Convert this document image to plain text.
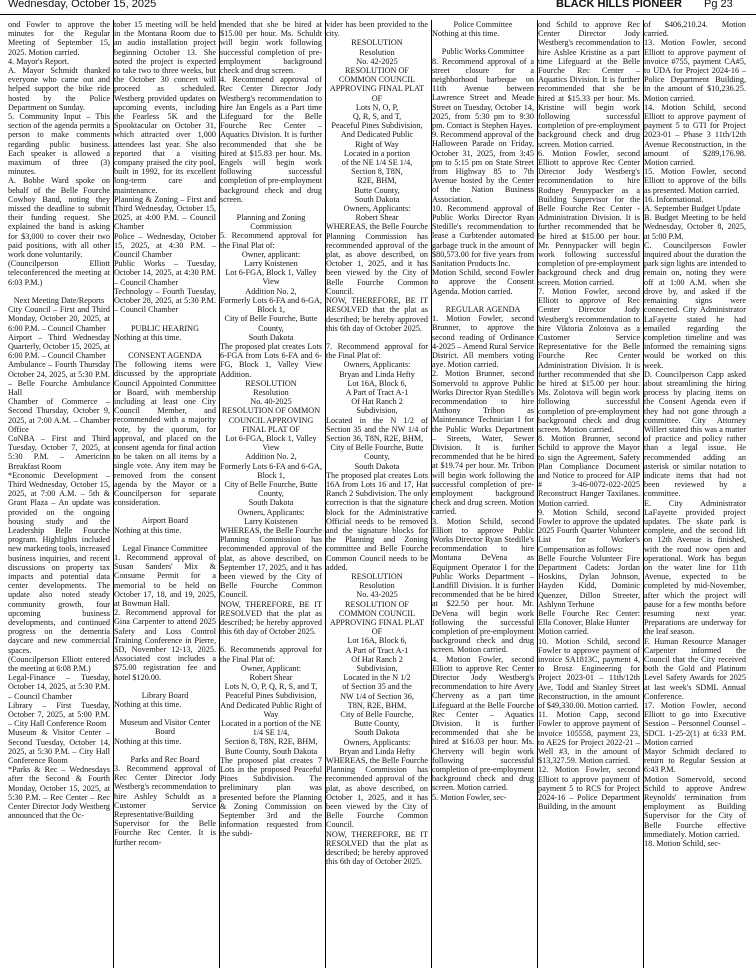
Wednesday, October 15, 2025	BLACK HILLS PIONEER Pg 23

ond Fowler to approve the minutes for the Regular Meeting of September 15, 2025. Motion carried.

4. Mayor's Report.

A. Mayor Schmidt thanked everyone who came out and helped support the bike ride hosted by the Police Department on Sunday.

5. Community Input – This section of the agenda permits a person to make comments regarding public business. Each speaker is allowed a maximum of three (3) minutes.

A. Bobbe Ward spoke on behalf of the Belle Fourche Cowboy Band, noting they missed the deadline to submit their funding request. She explained the band is asking for $3,000 to cover their two paid positions, with all other work done voluntarily.

(Councilperson Elliott teleconferenced the meeting at 6:03 P.M.)

Next Meeting Date/Reports

City Council – First and Third Monday, October 20, 2025, at 6:00 P.M. – Council Chamber

Airport – Third Wednesday Quarterly, October 15, 2025, at 6:00 P.M. – Council Chamber

Ambulance – Fourth Thursday October 24, 2025, at 5:30 P.M. – Belle Fourche Ambulance Hall

Chamber of Commerce – Second Thursday, October 9, 2025, at 7:00 A.M. – Chamber Office

CoNBA – First and Third Tuesday, October 7, 2025, at 5:30 P.M. – Americinn Breakfast Room

*Economic Development – Third Wednesday, October 15, 2025, at 7:00 A.M. – 5th & Grant Plaza – An update was provided on the ongoing housing study and the Leadership Belle Fourche program. Highlights included new marketing tools, increased business inquiries, and recent discussions on property tax impacts and potential data center developments. The update also noted steady community growth, four upcoming business developments, and continued progress on the dementia daycare and new commercial spaces.

(Councilperson Elliott entered the meeting at 6:08 P.M.)

Legal-Finance – Tuesday, October 14, 2025, at 5:30 P.M. – Council Chamber

Library – First Tuesday, October 7, 2025, at 5:00 P.M. – City Hall Conference Room

Museum & Visitor Center – Second Tuesday, October 14, 2025, at 5:30 P.M. – City Hall Conference Room

*Parks & Rec – Wednesdays after the Second & Fourth Monday, October 15, 2025, at 5:30 P.M. – Rec Center – Rec Center Director Jody Westberg announced that the Oc-

tober 15 meeting will be held in the Montana Room due to an audio installation project beginning October 13. She noted the project is expected to take two to three weeks, but the October 30 concert will proceed as scheduled. Westberg provided updates on upcoming events, including the Fearless 5K and the Spooktacular on October 31, which attracted over 1,000 attendees last year. She also reported that a visiting company praised the city pool, built in 1992, for its excellent long-term care and maintenance.

Planning & Zoning – First and Third Wednesday, October 15, 2025, at 4:00 P.M. – Council Chamber

Police – Wednesday, October 15, 2025, at 4:30 P.M. – Council Chamber

Public Works – Tuesday, October 14, 2025, at 4:30 P.M. – Council Chamber

Technology – Fourth Tuesday, October 28, 2025, at 5:30 P.M. – Council Chamber

PUBLIC HEARING

Nothing at this time.

CONSENT AGENDA

The following items were discussed by the appropriate Council Appointed Committee or Board, with membership including at least one City Council Member, and recommended with a majority vote, by the quorum, for approval, and placed on the consent agenda for final action to be taken on all items by a single vote. Any item may be removed from the consent agenda by the Mayor or a Councilperson for separate consideration.

Airport Board

Nothing at this time.

Legal Finance Committee

1. Recommend approval of Susan Sanders' Mix & Consume Permit for a memorial to be held on October 17, 18, and 19, 2025, at Bowman Hall.

2. Recommend approval for Gina Carpenter to attend 2025 Safety and Loss Control Training Conference in Pierre, SD, November 12-13, 2025. Associated cost includes a $75.00 registration fee and hotel $120.00.

Library Board

Nothing at this time.

Museum and Visitor Center Board

Nothing at this time.

Parks and Rec Board

3. Recommend approval of Rec Center Director Jody Westberg's recommendation to hire Ashley Schuldt as a Customer Service Representative/Building Supervisor for the Belle Fourche Rec Center. It is further recom-

mended that she be hired at $15.00 per hour. Ms. Schuldt will begin work following successful completion of pre-employment background check and drug screen.

4. Recommend approval of Rec Center Director Jody Westberg's recommendation to hire Jan Engels as a Part time Lifeguard for the Belle Fourche Rec Center – Aquatics Division. It is further recommended that she be hired at $15.83 per hour. Ms. Engels will begin work following successful completion of pre-employment background check and drug screen.

Planning and Zoning Commission

5. Recommend approval for the Final Plat of:

Owner, applicant:

Larry Koistenen

Lot 6-FGA, Block 1, Valley View

Addition No. 2,

Formerly Lots 6-FA and 6-GA, Block 1,

City of Belle Fourche, Butte County,

South Dakota

The proposed plat creates Lots 6-FGA from Lots 6-FA and 6-FG, Block 1, Valley View Addition.

RESOLUTION

Resolution

No. 40-2025

RESOLUTION OF OMMON COUNCIL APPROVING FINAL PLAT OF

Lot 6-FGA, Block 1, Valley View

Addition No. 2,

Formerly Lots 6-FA and 6-GA, Block 1,

City of Belle Fourche, Butte County,

South Dakota

Owners, Applicants:

Larry Koistenen

WHEREAS, the Belle Fourche Planning Commission has recommended approval of the plat, as above described, on September 17, 2025, and it has been viewed by the City of Belle Fourche Common Council.

NOW, THEREFORE, BE IT RESOLVED that the plat as described; be hereby approved this 6th day of October 2025.

6. Recommends approval for the Final Plat of:

Owner, Applicant:

Robert Shear

Lots N, O, P, Q, R, S, and T,

Peaceful Pines Subdivision, And Dedicated Public Right of Way

Located in a portion of the NE 1/4 SE 1/4,

Section 8, T8N, R2E, BHM,

Butte County, South Dakota

The proposed plat creates 7 Lots in the proposed Peaceful Pines Subdivision. The preliminary plan was presented before the Planning & Zoning Commission on September 3rd and the information requested from the subdi-

vider has been provided to the city.

RESOLUTION

Resolution

No. 42-2025

RESOLUTION OF COMMON COUNCIL APPROVING FINAL PLAT OF

Lots N, O, P,

Q, R, S, and T,

Peaceful Pines Subdivision,

And Dedicated Public

Right of Way

Located in a portion

of the NE 1/4 SE 1/4,

Section 8, T8N,

R2E, BHM,

Butte County,

South Dakota

Owners, Applicants:

Robert Shear

WHEREAS, the Belle Fourche Planning Commission has recommended approval of the plat, as above described, on October 1, 2025, and it has been viewed by the City of Belle Fourche Common Council.

NOW, THEREFORE, BE IT RESOLVED that the plat as described; be hereby approved this 6th day of October 2025.

7. Recommend approval for the Final Plat of:

Owners, Applicants:

Bryan and Linda Hefty

Lot 16A, Block 6,

A Part of Tract A-1

Of Hat Ranch 2

Subdivision,

Located in the N 1/2 of Section 35 and the NW 1/4 of Section 36, T8N, R2E, BHM,

City of Belle Fourche, Butte County,

South Dakota

The proposed plat creates Lots 16A from Lots 16 and 17, Hat Ranch 2 Subdivision. The only correction is that the signature block for the Administrative Official needs to be removed and the signature blocks for the Planning and Zoning committee and Belle Fourche Common Council needs to be added.

RESOLUTION

Resolution

No. 43-2025

RESOLUTION OF COMMON COUNCIL APPROVING FINAL PLAT OF

Lot 16A, Block 6,

A Part of Tract A-1

Of Hat Ranch 2

Subdivision,

Located in the N 1/2

of Section 35 and the

NW 1/4 of Section 36,

T8N, R2E, BHM,

City of Belle Fourche,

Butte County,

South Dakota

Owners, Applicants:

Bryan and Linda Hefty

WHEREAS, the Belle Fourche Planning Commission has recommended approval of the plat, as above described, on October 1, 2025, and it has been viewed by the City of Belle Fourche Common Council.

NOW, THEREFORE, BE IT RESOLVED that the plat as described; be hereby approved this 6th day of October 2025.

Police Committee

Nothing at this time.

Public Works Committee

8. Recommend approval of a street closure for a neighborhood barbeque on 11th Avenue between Lawrence Street and Meade Street on Tuesday, October 14, 2025, from 5:30 pm to 9:30 pm. Contact is Stephen Hayes.

9. Recommend approval of the Halloween Parade on Friday, October 31, 2025, from 3:45 pm to 5:15 pm on State Street from Highway 85 to 7th Avenue hosted by the Center of the Nation Business Association.

10. Recommend approval of Public Works Director Ryan Stedille's recommendation to lease a Curbtender automated garbage truck in the amount of $80,573.00 for five years from Sanitation Products Inc.

Motion Schild, second Fowler to approve the Consent Agenda. Motion carried.

REGULAR AGENDA

1. Motion Fowler, second Brunner, to approve the second reading of Ordinance 4-2025 – Amend Rural Service District. All members voting aye. Motion carried.

2. Motion Brunner, second Somervold to approve Public Works Director Ryan Stedille's recommendation to hire Anthony Tribon as Maintenance Technician I for the Public Works Department – Streets, Water, Sewer Division. It is further recommended that he be hired at $19.74 per hour. Mr. Tribon will begin work following the successful completion of pre-employment background check and drug screen. Motion carried.

3. Motion Schild, second Elliott to approve Public Works Director Ryan Stedille's recommendation to hire Montana DeVena as Equipment Operator I for the Public Works Department – Landfill Division. It is further recommended that he be hired at $22.50 per hour. Mr. DeVena will begin work following the successful completion of pre-employment background check and drug screen. Motion carried.

4. Motion Fowler, second Elliott to approve Rec Center Director Jody Westberg's recommendation to hire Avery Cherveny as a part time Lifeguard at the Belle Fourche Rec Center – Aquatics Division. It is further recommended that she be hired at $16.03 per hour. Ms. Cherveny will begin work following successful completion of pre-employment background check and drug screen. Motion carried.

5. Motion Fowler, sec-

ond Schild to approve Rec Center Director Jody Westberg's recommendation to hire Ashlee Kristine as a part time Lifeguard at the Belle Fourche Rec Center – Aquatics Division. It is further recommended that she be hired at $15.33 per hour. Ms. Kristine will begin work following successful completion of pre-employment background check and drug screen. Motion carried.

6. Motion Fowler, second Elliott to approve Rec Center Director Jody Westberg's recommendation to hire Rodney Pennypacker as a Building Supervisor for the Belle Fourche Rec Center - Administration Division. It is further recommended that he be hired at $15.00 per hour. Mr. Pennypacker will begin work following successful completion of pre-employment background check and drug screen. Motion carried.

7. Motion Fowler, second Elliott to approve of Rec Center Director Jody Westberg's recommendation to hire Viktoria Zolotova as a Customer Service Representative for the Belle Fourche Rec Center Administration Division. It is further recommended that she be hired at $15.00 per hour. Ms. Zolotova will begin work following successful completion of pre-employment background check and drug screen. Motion carried.

8. Motion Brunner, second Schild to approve the Mayor to sign the Agreement, Safety Plan Compliance Document and Notice to proceed for AIP # 3-46-0072-022-2025 Reconstruct Hanger Taxilanes. Motion carried.

9. Motion Schild, second Fowler to approve the updated 2025 Fourth Quarter Volunteer List for Worker's Compensation as follows:

Belle Fourche Volunteer Fire Department Cadets: Jordan Hoskins, Dylan Johnson, Hayden Kidd, Dominic Quenzer, Dillon Streeter, Ashlynn Terhune

Belle Fourche Rec Center: Ella Conover, Blake Hunter

Motion carried.

10. Motion Schild, second Fowler to approve payment of invoice SA1813C, payment 4, to Brosz Engineering for Project 2023-01 – 11th/12th Ave, Todd and Stanley Street Reconstruction, in the amount of $49,330.00. Motion carried.

11. Motion Capp, second Fowler to approve payment of invoice 105558, payment 23, to AE2S for Project 2022-21 – Well #3, in the amount of $13,327.59. Motion carried.

12. Motion Fowler, second Elliott to approve payment of payment 5 to RCS for Project 2024-16 – Police Department Building, in the amount

of $406,210.24. Motion carried.

13. Motion Fowler, second Elliott to approve payment of invoice #755, payment CA#5, to UDA for Project 2024-16 – Police Department Building, in the amount of $10,236.25. Motion carried.

14. Motion Schild, second Elliott to approve payment of payment 5 to GTI for Project 2023-01 – Phase 3 11th/12th Avenue Reconstruction, in the amount of $289,176.98. Motion carried.

15. Motion Fowler, second Elliott to approve of the bills as presented. Motion carried.

16. Informational.

A. September Budget Update

B. Budget Meeting to be held Wednesday, October 8, 2025, at 5:00 P.M.

C. Councilperson Fowler inquired about the duration the park sign lights are intended to remain on, noting they were off at 1:00 A.M. when she drove by, and asked if the remaining signs were connected. City Administrator LaFayette stated he had emailed regarding the completion timeline and was informed the remaining signs would be worked on this week.

D. Councilperson Capp asked about streamlining the hiring process by placing items on the Consent Agenda even if they had not gone through a committee. City Attorney Willert stated this was a matter of practice and policy rather than a legal issue. He recommended adding an asterisk or similar notation to indicate items that had not been reviewed by a committee.

E. City Administrator LaFayette provided project updates. The skate park is complete, and the second lift on 12th Avenue is finished, with the road now open and operational. Work has begun on the water line for 11th Avenue, expected to be completed by mid-November, after which the project will pause for a few months before resuming next year. Preparations are underway for the leaf season.

F. Human Resource Manager Carpenter informed the Council that the City received both the Gold and Platinum Level Safety Awards for 2025 at last week's SDML Annual Conference.

17. Motion Fowler, second Elliott to go into Executive Session – Personnel Counsel – SDCL 1-25-2(1) at 6:33 P.M. Motion carried

Mayor Schmidt declared to return to Regular Session at 6:43 P.M.

Motion Somervold, second Schild to approve Andrew Reynolds' termination from employment as Building Supervisor for the City of Belle Fourche effective immediately. Motion carried.

18. Motion Schild, sec-
